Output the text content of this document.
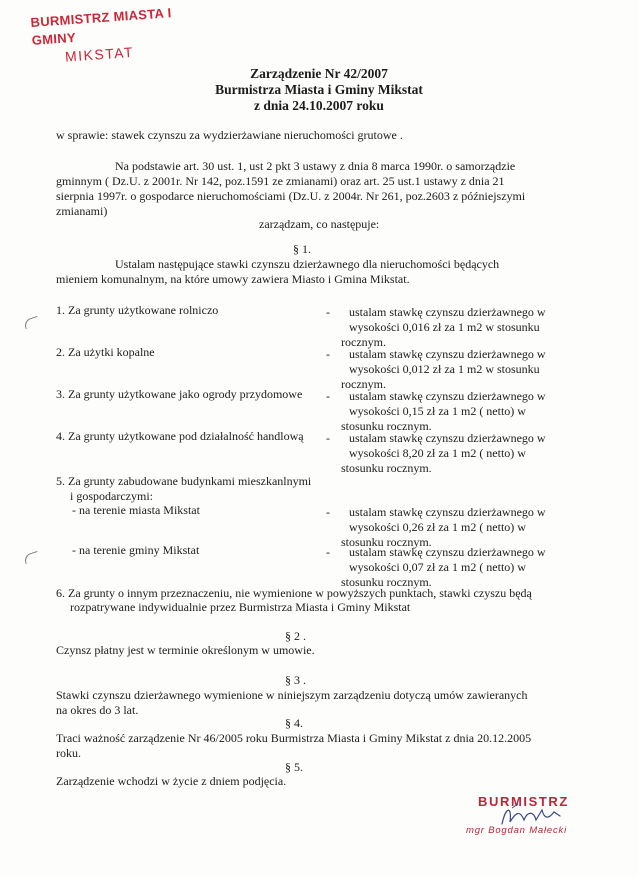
BURMISTRZ MIASTA I GMINY
MIKSTAT
Zarządzenie Nr 42/2007
Burmistrza Miasta i Gminy Mikstat
z dnia 24.10.2007 roku
w sprawie: stawek czynszu za wydzierżawiane nieruchomości grutowe .
Na podstawie art. 30 ust. 1, ust 2 pkt 3 ustawy z dnia 8 marca 1990r. o samorządzie
gminnym ( Dz.U. z 2001r. Nr 142, poz.1591 ze zmianami) oraz art. 25 ust.1 ustawy z dnia 21
sierpnia 1997r. o gospodarce nieruchomościami (Dz.U. z 2004r. Nr 261, poz.2603 z późniejszymi
zmianami)
zarządzam, co następuje:
§ 1.
Ustalam następujące stawki czynszu dzierżawnego dla nieruchomości będących
mieniem komunalnym, na które umowy zawiera Miasto i Gmina Mikstat.
1. Za grunty użytkowane rolniczo	-	ustalam stawkę czynszu dzierżawnego w
wysokości 0,016 zł za 1 m2 w stosunku
rocznym.
2. Za użytki kopalne	-	ustalam stawkę czynszu dzierżawnego w
wysokości 0,012 zł za 1 m2 w stosunku
rocznym.
3. Za grunty użytkowane jako ogrody przydomowe -	ustalam stawkę czynszu dzierżawnego w
wysokości 0,15 zł za 1 m2 ( netto) w
stosunku rocznym.
4. Za grunty użytkowane pod działalność handlową -	ustalam stawkę czynszu dzierżawnego w
wysokości 8,20 zł za 1 m2 ( netto) w
stosunku rocznym.
5. Za grunty zabudowane budynkami mieszkanlnymi
i gospodarczymi:
- na terenie miasta Mikstat	-	ustalam stawkę czynszu dzierżawnego w
wysokości 0,26 zł za 1 m2 ( netto) w
stosunku rocznym.
- na terenie gminy Mikstat	-	ustalam stawkę czynszu dzierżawnego w
wysokości 0,07 zł za 1 m2 ( netto) w
stosunku rocznym.
6. Za grunty o innym przeznaczeniu, nie wymienione w powyższych punktach, stawki czyszu będą
rozpatrywane indywidualnie przez Burmistrza Miasta i Gminy Mikstat
§ 2 .
Czynsz płatny jest w terminie określonym w umowie.
§ 3 .
Stawki czynszu dzierżawnego wymienione w niniejszym zarządzeniu dotyczą umów zawieranych
na okres do 3 lat.
§ 4.
Traci ważność zarządzenie Nr 46/2005 roku Burmistrza Miasta i Gminy Mikstat z dnia 20.12.2005
roku.
§ 5.
Zarządzenie wchodzi w życie z dniem podjęcia.
BURMISTRZ
mgr Bogdan Małecki
